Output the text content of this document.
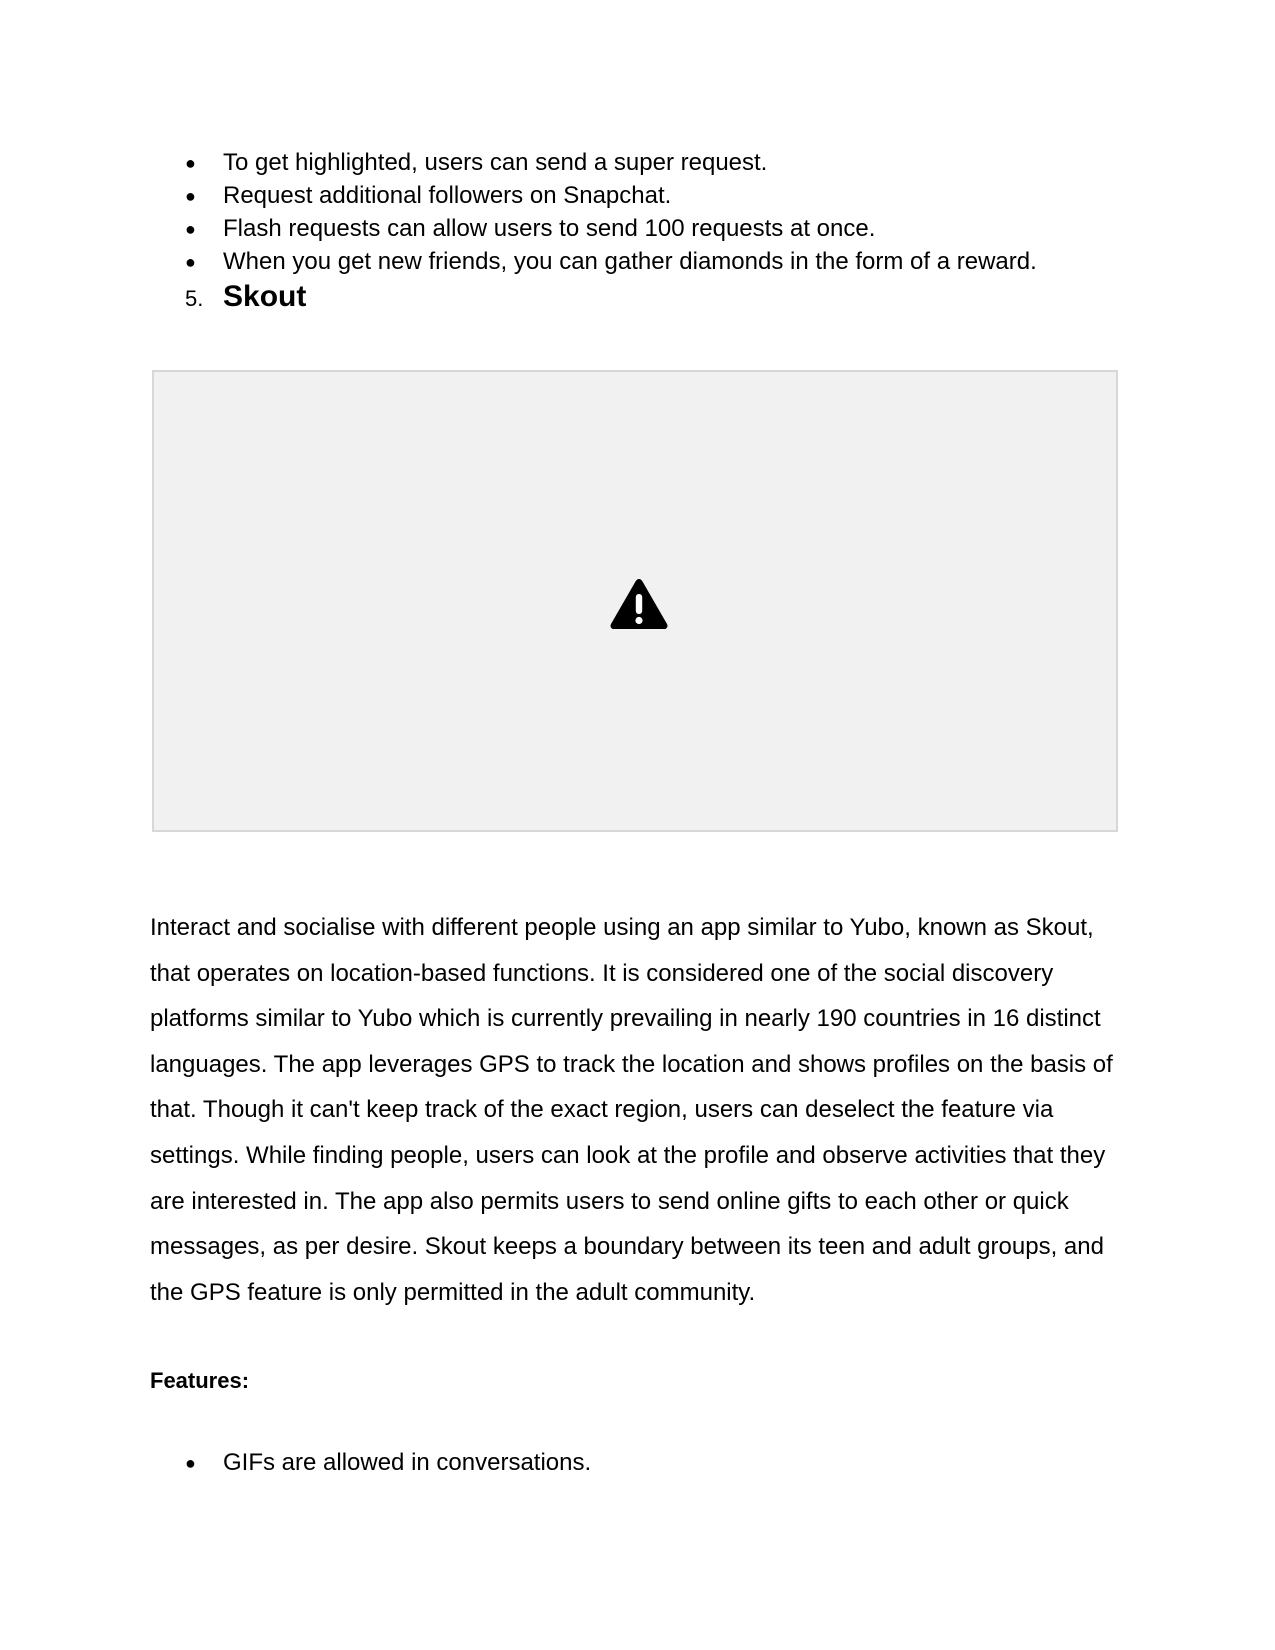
● To get highlighted, users can send a super request.
● Request additional followers on Snapchat.
● Flash requests can allow users to send 100 requests at once.
● When you get new friends, you can gather diamonds in the form of a reward.
5. Skout
Interact and socialise with different people using an app similar to Yubo, known as Skout, that operates on location-based functions. It is considered one of the social discovery platforms similar to Yubo which is currently prevailing in nearly 190 countries in 16 distinct languages. The app leverages GPS to track the location and shows profiles on the basis of that. Though it can't keep track of the exact region, users can deselect the feature via settings. While finding people, users can look at the profile and observe activities that they are interested in. The app also permits users to send online gifts to each other or quick messages, as per desire. Skout keeps a boundary between its teen and adult groups, and the GPS feature is only permitted in the adult community.
Features:
● GIFs are allowed in conversations.
